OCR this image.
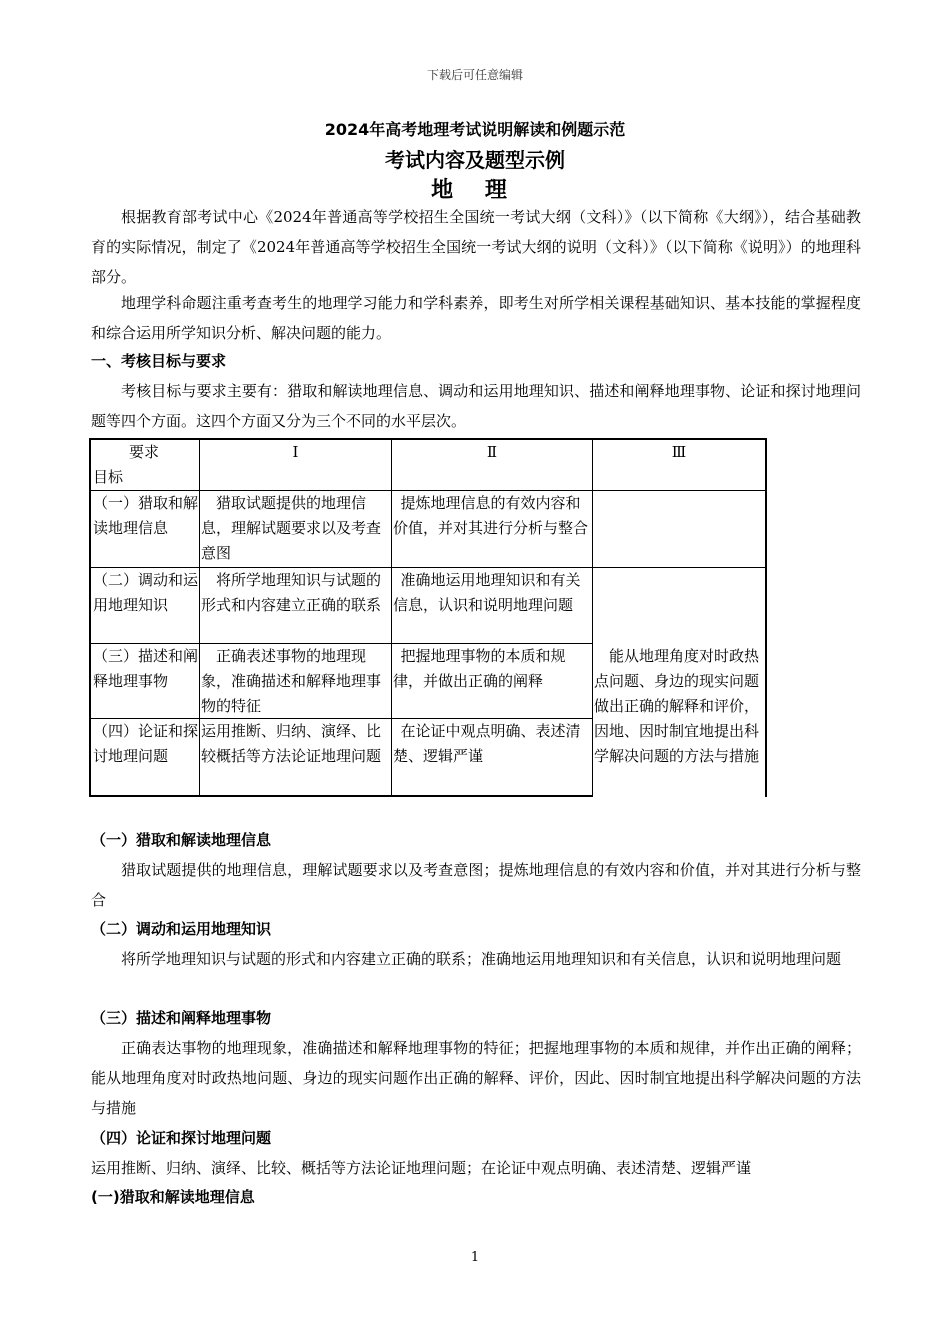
下载后可任意编辑
2024年高考地理考试说明解读和例题示范
考试内容及题型示例
地 理
根据教育部考试中心《2024年普通高等学校招生全国统一考试大纲（文科）》（以下简称《大纲》），结合基础教育的实际情况，制定了《2024年普通高等学校招生全国统一考试大纲的说明（文科）》（以下简称《说明》）的地理科部分。
地理学科命题注重考查考生的地理学习能力和学科素养，即考生对所学相关课程基础知识、基本技能的掌握程度和综合运用所学知识分析、解决问题的能力。
一、考核目标与要求
考核目标与要求主要有：猎取和解读地理信息、调动和运用地理知识、描述和阐释地理事物、论证和探讨地理问题等四个方面。这四个方面又分为三个不同的水平层次。
要求
目标
Ⅰ	Ⅱ	Ⅲ
（一）猎取和解读地理信息
猎取试题提供的地理信息，理解试题要求以及考查意图
提炼地理信息的有效内容和价值，并对其进行分析与整合
（二）调动和运用地理知识
将所学地理知识与试题的形式和内容建立正确的联系
准确地运用地理知识和有关信息，认识和说明地理问题
（三）描述和阐释地理事物
正确表述事物的地理现象，准确描述和解释地理事物的特征
把握地理事物的本质和规律，并做出正确的阐释
（四）论证和探讨地理问题
运用推断、归纳、演绎、比较概括等方法论证地理问题
在论证中观点明确、表述清楚、逻辑严谨
能从地理角度对时政热点问题、身边的现实问题做出正确的解释和评价，因地、因时制宜地提出科学解决问题的方法与措施
（一）猎取和解读地理信息
猎取试题提供的地理信息，理解试题要求以及考查意图；提炼地理信息的有效内容和价值，并对其进行分析与整合
（二）调动和运用地理知识
将所学地理知识与试题的形式和内容建立正确的联系；准确地运用地理知识和有关信息，认识和说明地理问题
（三）描述和阐释地理事物
正确表达事物的地理现象，准确描述和解释地理事物的特征；把握地理事物的本质和规律，并作出正确的阐释；能从地理角度对时政热地问题、身边的现实问题作出正确的解释、评价，因此、因时制宜地提出科学解决问题的方法与措施
（四）论证和探讨地理问题
运用推断、归纳、演绎、比较、概括等方法论证地理问题；在论证中观点明确、表述清楚、逻辑严谨
(一)猎取和解读地理信息
1
